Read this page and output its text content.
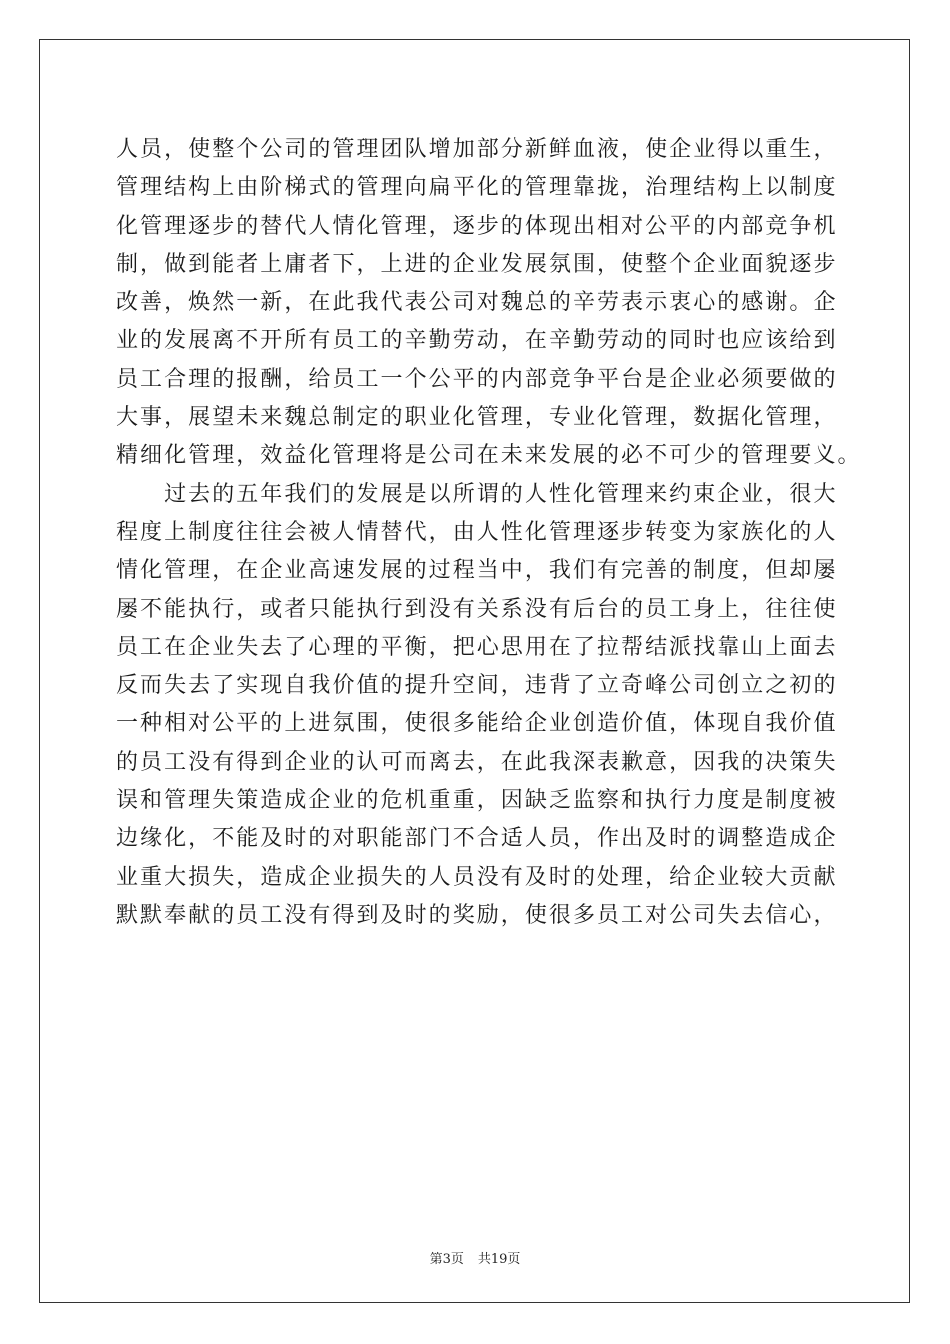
人员，使整个公司的管理团队增加部分新鲜血液，使企业得以重生，
管理结构上由阶梯式的管理向扁平化的管理靠拢，治理结构上以制度
化管理逐步的替代人情化管理，逐步的体现出相对公平的内部竞争机
制，做到能者上庸者下，上进的企业发展氛围，使整个企业面貌逐步
改善，焕然一新，在此我代表公司对魏总的辛劳表示衷心的感谢。企
业的发展离不开所有员工的辛勤劳动，在辛勤劳动的同时也应该给到
员工合理的报酬，给员工一个公平的内部竞争平台是企业必须要做的
大事，展望未来魏总制定的职业化管理，专业化管理，数据化管理，
精细化管理，效益化管理将是公司在未来发展的必不可少的管理要义。
　　过去的五年我们的发展是以所谓的人性化管理来约束企业，很大
程度上制度往往会被人情替代，由人性化管理逐步转变为家族化的人
情化管理，在企业高速发展的过程当中，我们有完善的制度，但却屡
屡不能执行，或者只能执行到没有关系没有后台的员工身上，往往使
员工在企业失去了心理的平衡，把心思用在了拉帮结派找靠山上面去
反而失去了实现自我价值的提升空间，违背了立奇峰公司创立之初的
一种相对公平的上进氛围，使很多能给企业创造价值，体现自我价值
的员工没有得到企业的认可而离去，在此我深表歉意，因我的决策失
误和管理失策造成企业的危机重重，因缺乏监察和执行力度是制度被
边缘化，不能及时的对职能部门不合适人员，作出及时的调整造成企
业重大损失，造成企业损失的人员没有及时的处理，给企业较大贡献
默默奉献的员工没有得到及时的奖励，使很多员工对公司失去信心，
第3页 共19页
